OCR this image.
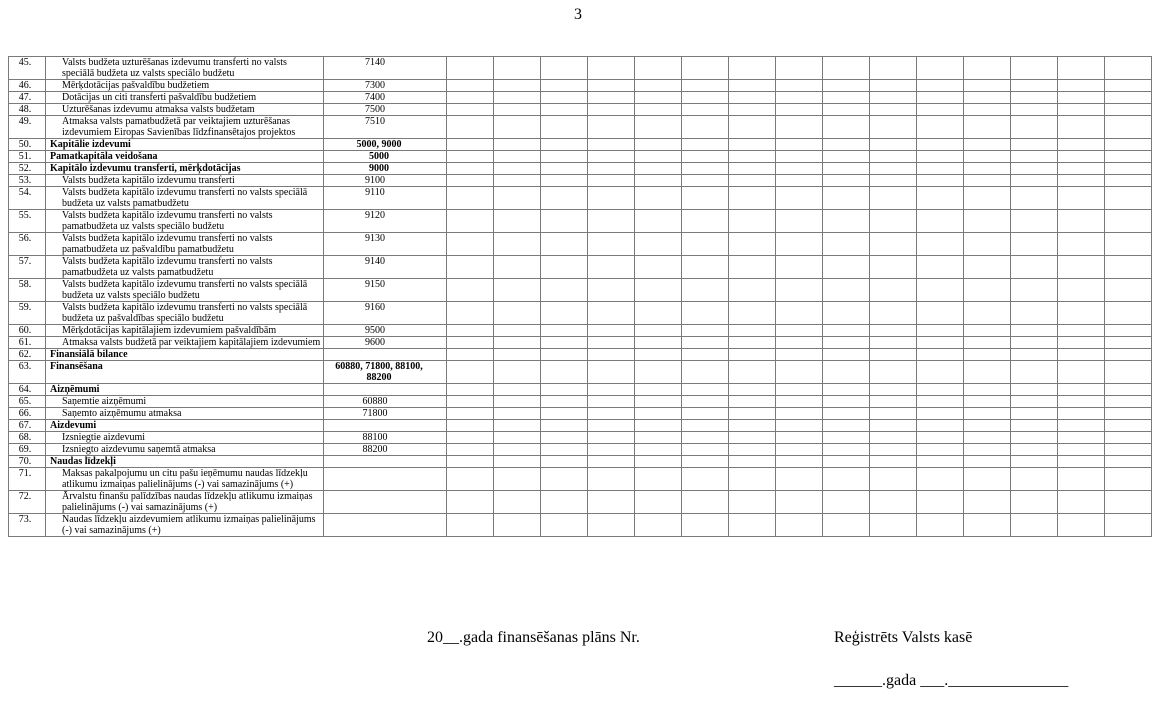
3
45.	Valsts budžeta uzturēšanas izdevumu transferti no valsts speciālā budžeta uz valsts speciālo budžetu	7140															
46.	Mērķdotācijas pašvaldību budžetiem	7300															
47.	Dotācijas un citi transferti pašvaldību budžetiem	7400															
48.	Uzturēšanas izdevumu atmaksa valsts budžetam	7500															
49.	Atmaksa valsts pamatbudžetā par veiktajiem uzturēšanas izdevumiem Eiropas Savienības līdzfinansētajos projektos	7510															
50.	Kapitālie izdevumi	5000, 9000															
51.	Pamatkapitāla veidošana	5000															
52.	Kapitālo izdevumu transferti, mērķdotācijas	9000															
53.	Valsts budžeta kapitālo izdevumu transferti	9100															
54.	Valsts budžeta kapitālo izdevumu transferti no valsts speciālā budžeta uz valsts pamatbudžetu	9110															
55.	Valsts budžeta kapitālo izdevumu transferti no valsts pamatbudžeta uz valsts speciālo budžetu	9120															
56.	Valsts budžeta kapitālo izdevumu transferti no valsts pamatbudžeta uz pašvaldību pamatbudžetu	9130															
57.	Valsts budžeta kapitālo izdevumu transferti no valsts pamatbudžeta uz valsts pamatbudžetu	9140															
58.	Valsts budžeta kapitālo izdevumu transferti no valsts speciālā budžeta uz valsts speciālo budžetu	9150															
59.	Valsts budžeta kapitālo izdevumu transferti no valsts speciālā budžeta uz pašvaldības speciālo budžetu	9160															
60.	Mērķdotācijas kapitālajiem izdevumiem pašvaldībām	9500															
61.	Atmaksa valsts budžetā par veiktajiem kapitālajiem izdevumiem	9600															
62.	Finansiālā bilance																
63.	Finansēšana	60880, 71800, 88100, 88200															
64.	Aizņēmumi																
65.	Saņemtie aizņēmumi	60880															
66.	Saņemto aizņēmumu atmaksa	71800															
67.	Aizdevumi																
68.	Izsniegtie aizdevumi	88100															
69.	Izsniegto aizdevumu saņemtā atmaksa	88200															
70.	Naudas līdzekļi																
71.	Maksas pakalpojumu un citu pašu ieņēmumu naudas līdzekļu atlikumu izmaiņas palielinājums (-) vai samazinājums (+)																
72.	Ārvalstu finanšu palīdzības naudas līdzekļu atlikumu izmaiņas palielinājums (-) vai samazinājums (+)																
73.	Naudas līdzekļu aizdevumiem atlikumu izmaiņas palielinājums (-) vai samazinājums (+)																
20__.gada finansēšanas plāns Nr.	Reģistrēts Valsts kasē
______.gada ___._______________
